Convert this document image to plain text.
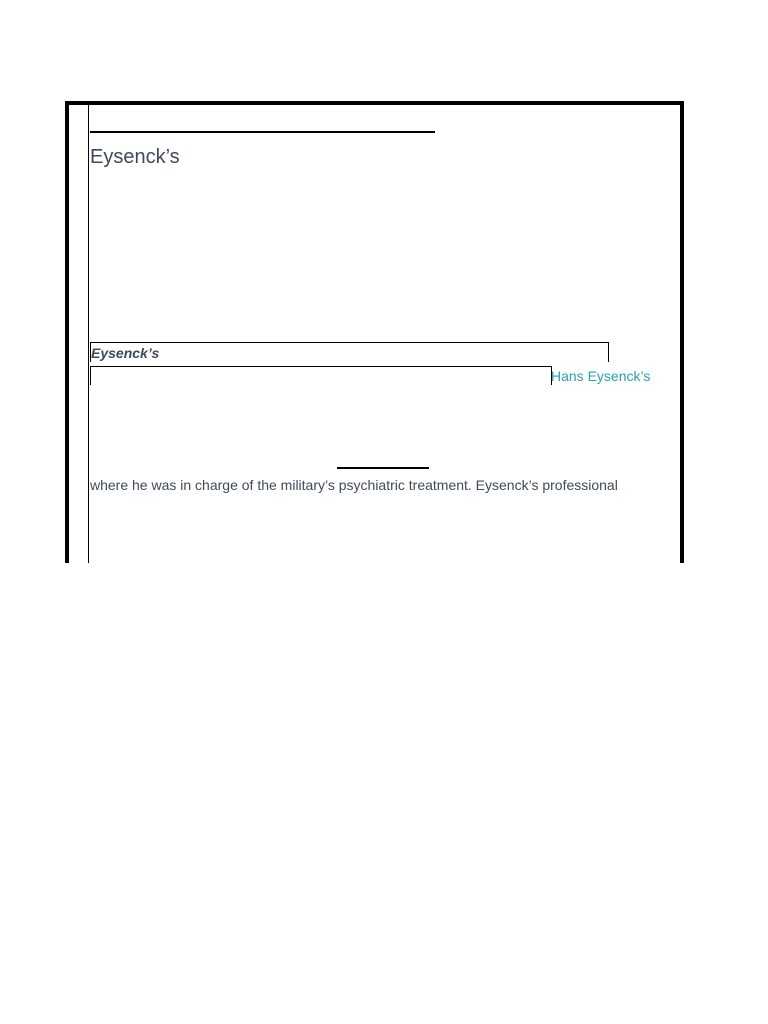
Eysenck’s
Eysenck’s
Hans Eysenck’s
where he was in charge of the military’s psychiatric treatment. Eysenck’s professional
